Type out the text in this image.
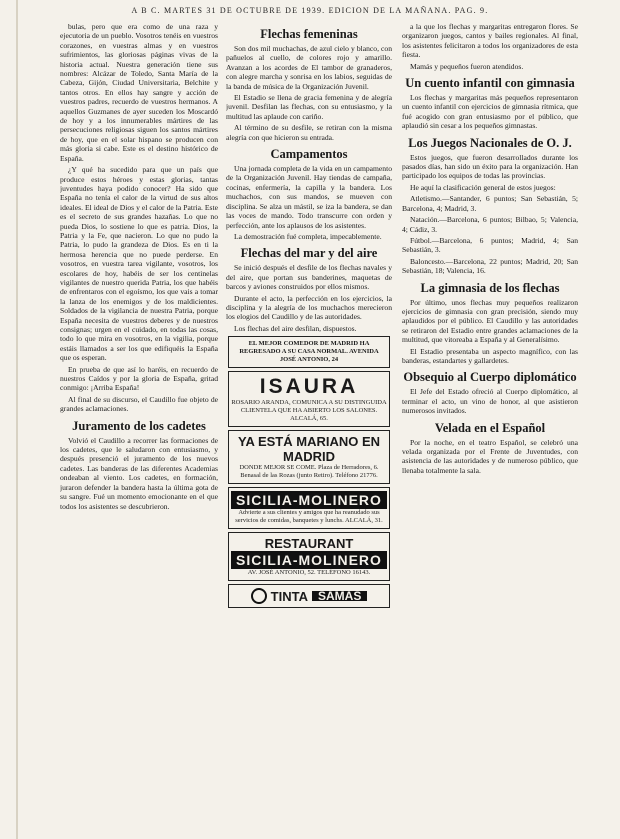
A B C. MARTES 31 DE OCTUBRE DE 1939. EDICION DE LA MAÑANA. PAG. 9.

bulas, pero que era como de una raza y ejecutoria de un pueblo. Vosotros tenéis en vuestros corazones, en vuestras almas y en vuestros sufrimientos, las gloriosas páginas vivas de la historia actual. Nuestra generación tiene sus nombres: Alcázar de Toledo, Santa María de la Cabeza, Gijón, Ciudad Universitaria, Belchite y tantos otros. En ellos hay sangre y acción de vuestros padres, recuerdo de vuestros hermanos. A aquellos Guzmanes de ayer suceden los Moscardó de hoy y a los innumerables mártires de las persecuciones religiosas siguen los santos mártires de hoy, que en el solar hispano se producen con más gloria si cabe. Este es el destino histórico de España.

¿Y qué ha sucedido para que un país que produce estos héroes y estas glorias, tantas juventudes haya podido conocer? Ha sido que España no tenía el calor de la virtud de sus altos ideales. El ideal de Dios y el calor de la Patria. Este es el secreto de sus grandes hazañas. Lo que no pueda Dios, lo sostiene lo que es patria. Dios, la Patria y la Fe, que nacieron. Lo que no pudo la Patria, lo pudo la grandeza de Dios. Es en ti la hermosa herencia que no puede perderse. En vosotros, en vuestra tarea vigilante, vosotros, los escolares de hoy, habéis de ser los centinelas vigilantes de nuestro querida Patria, los que habéis de enfrentaros con el egoísmo, los que vais a tomar la lanza de los enemigos y de los maldicientes. Soldados de la vigilancia de nuestra Patria, porque España necesita de vuestros deberes y de nuestros consignas; urgen en el cuidado, en todas las cosas, todo lo que mira en vosotros, en la vigilia, porque estáis llamados a ser los que edifiquéis la España que os esperan.

En prueba de que así lo haréis, en recuerdo de nuestros Caídos y por la gloria de España, gritad conmigo: ¡Arriba España!

Al final de su discurso, el Caudillo fue objeto de grandes aclamaciones.

Juramento de los cadetes

Volvió el Caudillo a recorrer las formaciones de los cadetes, que le saludaron con entusiasmo, y después presenció el juramento de los nuevos cadetes. Las banderas de las diferentes Academias ondeaban al viento. Los cadetes, en formación, juraron defender la bandera hasta la última gota de su sangre. Fué un momento emocionante en el que todos los asistentes se descubrieron.

Flechas femeninas

Son dos mil muchachas, de azul cielo y blanco, con pañuelos al cuello, de colores rojo y amarillo. Avanzan a los acordes de El tambor de granaderos, con alegre marcha y sonrisa en los labios, seguidas de la banda de música de la Organización Juvenil.

El Estadio se llena de gracia femenina y de alegría juvenil. Desfilan las flechas, con su entusiasmo, y la multitud las aplaude con cariño.

Al término de su desfile, se retiran con la misma alegría con que hicieron su entrada.

Campamentos

Una jornada completa de la vida en un campamento de la Organización Juvenil. Hay tiendas de campaña, cocinas, enfermería, la capilla y la bandera. Los muchachos, con sus mandos, se mueven con disciplina. Se alza un mástil, se iza la bandera, se dan las voces de mando. Todo transcurre con orden y perfección, ante los aplausos de los asistentes.

La demostración fué completa, impecablemente.

Flechas del mar y del aire

Se inició después el desfile de los flechas navales y del aire, que portan sus banderines, maquetas de barcos y aviones construidos por ellos mismos.

Durante el acto, la perfección en los ejercicios, la disciplina y la alegría de los muchachos merecieron los elogios del Caudillo y de las autoridades.

Los flechas del aire desfilan, dispuestos.

EL MEJOR COMEDOR DE MADRID HA REGRESADO A SU CASA NORMAL. AVENIDA JOSÉ ANTONIO, 24
ISAURA
ROSARIO ARANDA, COMUNICA A SU DISTINGUIDA CLIENTELA QUE HA ABIERTO LOS SALONES. ALCALÁ, 65.
YA ESTÁ MARIANO EN MADRID
DONDE MEJOR SE COME. Plaza de Herradores, 6. Benasal de las Rozas (junto Retiro). Teléfono 21776.
SICILIA-MOLINERO
Advierte a sus clientes y amigos que ha reanudado sus servicios de comidas, banquetes y lunchs. ALCALÁ, 31.
RESTAURANT
SICILIA-MOLINERO
AV. JOSÉ ANTONIO, 52. TELÉFONO 16143.
TINTA SAMAS

a la que los flechas y margaritas entregaron flores. Se organizaron juegos, cantos y bailes regionales. Al final, los asistentes felicitaron a todos los organizadores de esta fiesta.

Mamás y pequeños fueron atendidos.

Un cuento infantil con gimnasia

Los flechas y margaritas más pequeños representaron un cuento infantil con ejercicios de gimnasia rítmica, que fué acogido con gran entusiasmo por el público, que aplaudió sin cesar a los pequeños gimnastas.

Los Juegos Nacionales de O. J.

Estos juegos, que fueron desarrollados durante los pasados días, han sido un éxito para la organización. Han participado los equipos de todas las provincias.

He aquí la clasificación general de estos juegos:

Atletismo.—Santander, 6 puntos; San Sebastián, 5; Barcelona, 4; Madrid, 3.

Natación.—Barcelona, 6 puntos; Bilbao, 5; Valencia, 4; Cádiz, 3.

Fútbol.—Barcelona, 6 puntos; Madrid, 4; San Sebastián, 3.

Baloncesto.—Barcelona, 22 puntos; Madrid, 20; San Sebastián, 18; Valencia, 16.

La gimnasia de los flechas

Por último, unos flechas muy pequeños realizaron ejercicios de gimnasia con gran precisión, siendo muy aplaudidos por el público. El Caudillo y las autoridades se retiraron del Estadio entre grandes aclamaciones de la multitud, que vitoreaba a España y al Generalísimo.

El Estadio presentaba un aspecto magnífico, con las banderas, estandartes y gallardetes.

Obsequio al Cuerpo diplomático

El Jefe del Estado ofreció al Cuerpo diplomático, al terminar el acto, un vino de honor, al que asistieron numerosos invitados.

Velada en el Español

Por la noche, en el teatro Español, se celebró una velada organizada por el Frente de Juventudes, con asistencia de las autoridades y de numeroso público, que llenaba totalmente la sala.
